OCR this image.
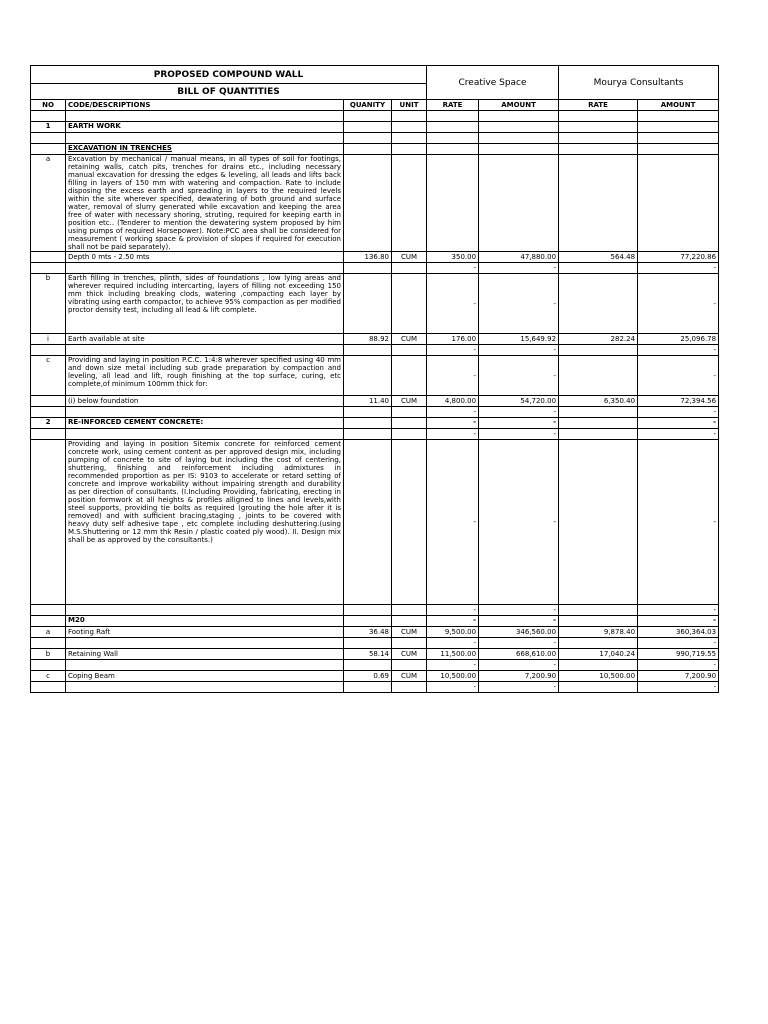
PROPOSED COMPOUND WALL				Creative Space		Mourya Consultants	
BILL OF QUANTITIES							
NO	CODE/DESCRIPTIONS	QUANITY	UNIT	RATE	AMOUNT	RATE	AMOUNT

1	EARTH WORK						

	EXCAVATION IN TRENCHES						
a	Excavation by mechanical / manual means, in all types of soil for footings, retaining walls, catch pits, trenches for drains etc., including necessary manual excavation for dressing the edges & leveling, all leads and lifts back filling in layers of 150 mm with watering and compaction. Rate to include disposing the excess earth and spreading in layers to the required levels within the site wherever specified, dewatering of both ground and surface water, removal of slurry generated while excavation and keeping the area free of water with necessary shoring, struting, required for keeping earth in position etc.. (Tenderer to mention the dewatering system proposed by him using pumps of required Horsepower). Note:PCC area shall be considered for measurement ( working space & provision of slopes if required for execution shall not be paid separately).						
	Depth 0 mts - 2.50 mts	136.80	CUM	350.00	47,880.00	564.48	77,220.86
				-	-		-
b	Earth filling in trenches, plinth, sides of foundations , low lying areas and wherever required including intercarting, layers of filling not exceeding 150 mm thick including breaking clods, watering ,compacting each layer by vibrating using earth compactor, to achieve 95% compaction as per modified proctor density test, including all lead & lift complete.			-	-		-
i	Earth available at site	88.92	CUM	176.00	15,649.92	282.24	25,096.78
				-	-		-
c	Providing and laying in position P.C.C. 1:4:8 wherever specified using 40 mm and down size metal including sub grade preparation by compaction and leveling, all lead and lift, rough finishing at the top surface, curing, etc complete,of minimum 100mm thick for:			-	-		-
	(i) below foundation	11.40	CUM	4,800.00	54,720.00	6,350.40	72,394.56
				-	-		-
2	RE-INFORCED CEMENT CONCRETE:			-	-		-
				-	-		-
	Providing and laying in position Sitemix concrete for reinforced cement concrete work, using cement content as per approved design mix, including pumping of concrete to site of laying but including the cost of centering, shuttering, finishing and reinforcement including admixtures in recommended proportion as per IS: 9103 to accelerate or retard setting of concrete and improve workability without impairing strength and durability as per direction of consultants. (I.Including Providing, fabricating, erecting in position formwork at all heights & profiles alligned to lines and levels,with steel supports, providing tie bolts as required (grouting the hole after it is removed) and with sufficient bracing,staging , joints to be covered with heavy duty self adhesive tape , etc complete including deshuttering.(using M.S.Shuttering or 12 mm thk Resin / plastic coated ply wood). II. Design mix shall be as approved by the consultants.)			-	-		-
				-	-		-
	M20			-	-		-
a	Footing Raft	36.48	CUM	9,500.00	346,560.00	9,878.40	360,364.03
				-	-		-
b	Retaining Wall	58.14	CUM	11,500.00	668,610.00	17,040.24	990,719.55
				-	-		-
c	Coping Beam	0.69	CUM	10,500.00	7,200.90	10,500.00	7,200.90
				-	-		-
